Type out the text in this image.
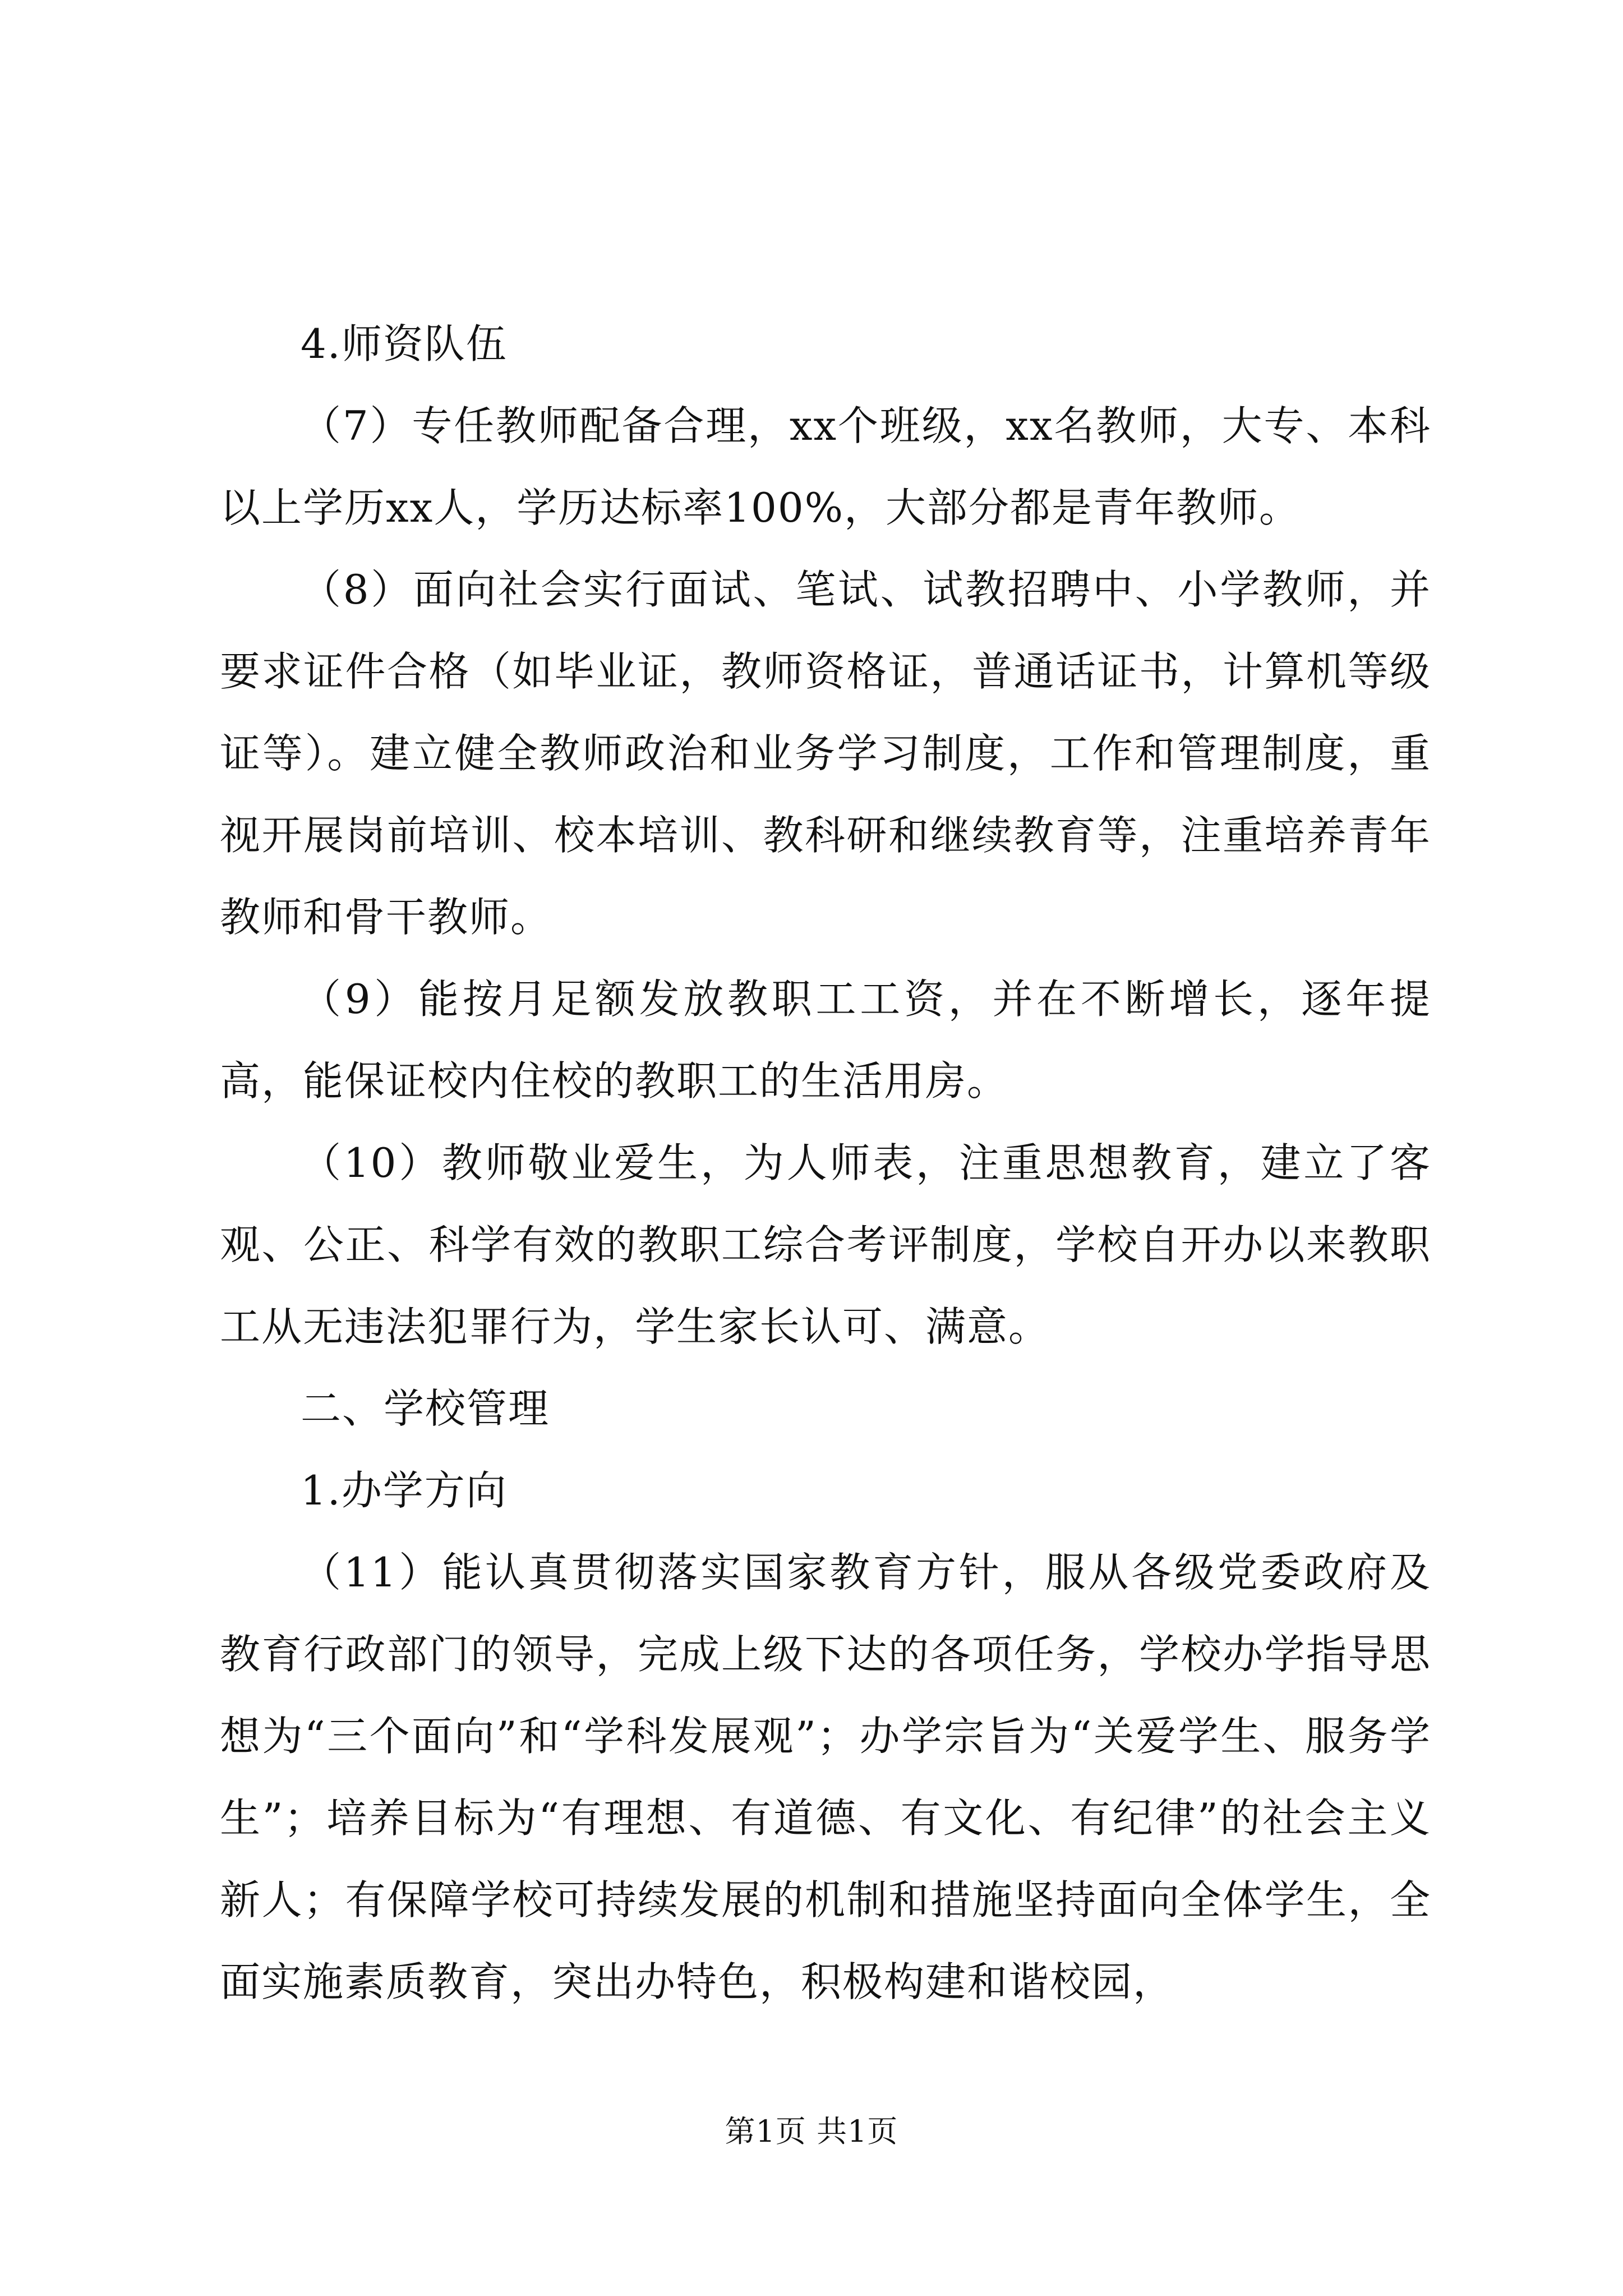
4.师资队伍

（7）专任教师配备合理，xx个班级，xx名教师，大专、本科以上学历xx人，学历达标率100%，大部分都是青年教师。

（8）面向社会实行面试、笔试、试教招聘中、小学教师，并要求证件合格（如毕业证，教师资格证，普通话证书，计算机等级证等）。建立健全教师政治和业务学习制度，工作和管理制度，重视开展岗前培训、校本培训、教科研和继续教育等，注重培养青年教师和骨干教师。

（9）能按月足额发放教职工工资，并在不断增长，逐年提高，能保证校内住校的教职工的生活用房。

（10）教师敬业爱生，为人师表，注重思想教育，建立了客观、公正、科学有效的教职工综合考评制度，学校自开办以来教职工从无违法犯罪行为，学生家长认可、满意。

二、学校管理

1.办学方向

（11）能认真贯彻落实国家教育方针，服从各级党委政府及教育行政部门的领导，完成上级下达的各项任务，学校办学指导思想为“三个面向”和“学科发展观”；办学宗旨为“关爱学生、服务学生”；培养目标为“有理想、有道德、有文化、有纪律”的社会主义新人；有保障学校可持续发展的机制和措施坚持面向全体学生，全面实施素质教育，突出办特色，积极构建和谐校园，

第1页 共1页
